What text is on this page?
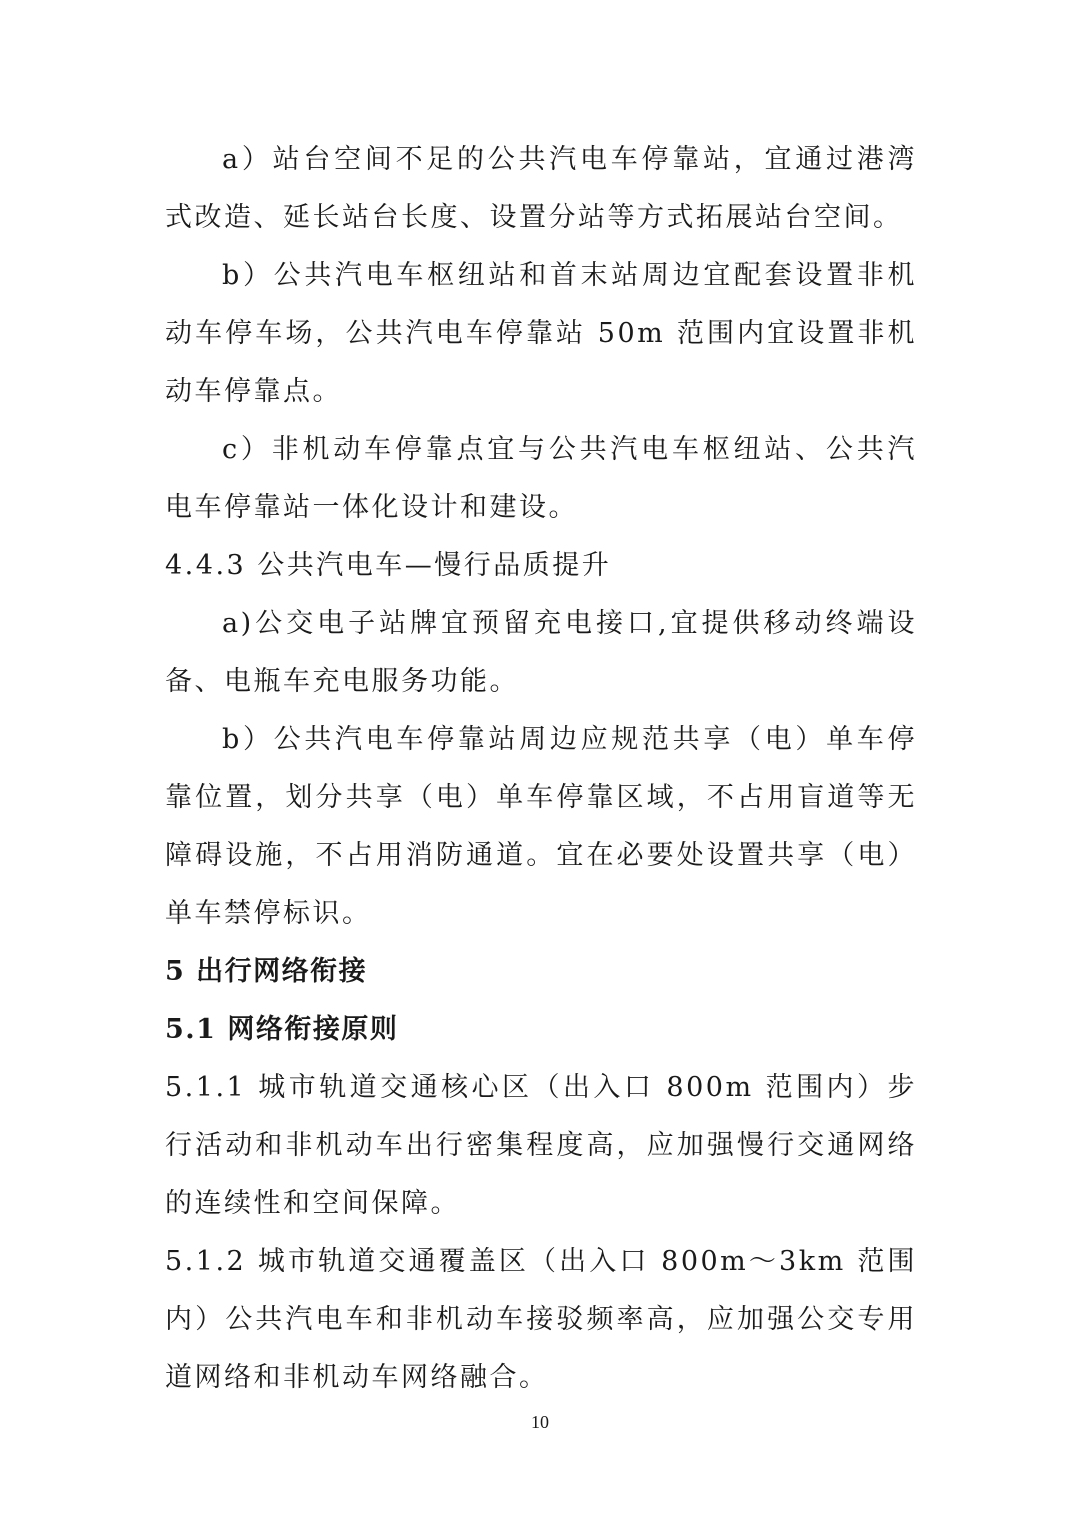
a）站台空间不足的公共汽电车停靠站，宜通过港湾式改造、延长站台长度、设置分站等方式拓展站台空间。

b）公共汽电车枢纽站和首末站周边宜配套设置非机动车停车场，公共汽电车停靠站 50m 范围内宜设置非机动车停靠点。

c）非机动车停靠点宜与公共汽电车枢纽站、公共汽电车停靠站一体化设计和建设。

4.4.3 公共汽电车—慢行品质提升

a)公交电子站牌宜预留充电接口,宜提供移动终端设备、电瓶车充电服务功能。

b）公共汽电车停靠站周边应规范共享（电）单车停靠位置，划分共享（电）单车停靠区域，不占用盲道等无障碍设施，不占用消防通道。宜在必要处设置共享（电）单车禁停标识。

5 出行网络衔接

5.1 网络衔接原则

5.1.1 城市轨道交通核心区（出入口 800m 范围内）步行活动和非机动车出行密集程度高，应加强慢行交通网络的连续性和空间保障。

5.1.2 城市轨道交通覆盖区（出入口 800m～3km 范围内）公共汽电车和非机动车接驳频率高，应加强公交专用道网络和非机动车网络融合。

10
